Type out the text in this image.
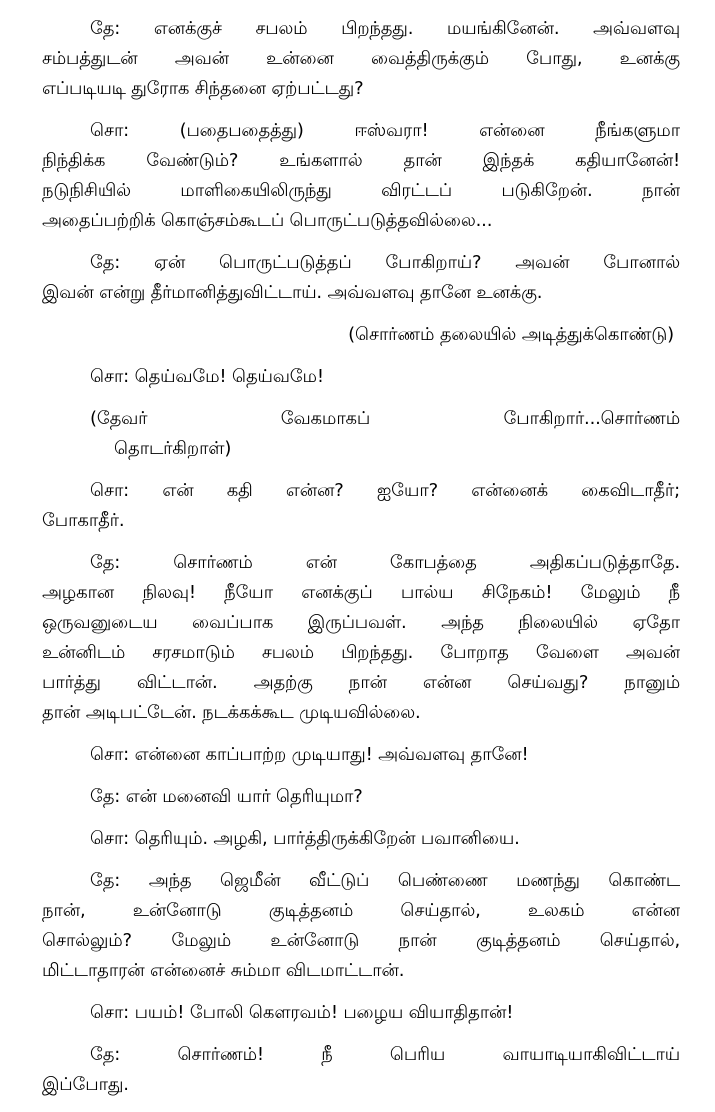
தே: எனக்குச் சபலம் பிறந்தது. மயங்கினேன். அவ்வளவு
சம்பத்துடன் அவன் உன்னை வைத்திருக்கும் போது, உனக்கு
எப்படியடி துரோக சிந்தனை ஏற்பட்டது?
சொ: (பதைபதைத்து) ஈஸ்வரா! என்னை நீங்களுமா
நிந்திக்க வேண்டும்? உங்களால் தான் இந்தக் கதியானேன்!
நடுநிசியில் மாளிகையிலிருந்து விரட்டப் படுகிறேன். நான்
அதைப்பற்றிக் கொஞ்சம்கூடப் பொருட்படுத்தவில்லை...
தே: ஏன் பொருட்படுத்தப் போகிறாய்? அவன் போனால்
இவன் என்று தீர்மானித்துவிட்டாய். அவ்வளவு தானே உனக்கு.
(சொர்ணம் தலையில் அடித்துக்கொண்டு)
சொ: தெய்வமே! தெய்வமே!
(தேவர் வேகமாகப் போகிறார்...சொர்ணம்
தொடர்கிறாள்)
சொ: என் கதி என்ன? ஐயோ? என்னைக் கைவிடாதீர்;
போகாதீர்.
தே: சொர்ணம் என் கோபத்தை அதிகப்படுத்தாதே.
அழகான நிலவு! நீயோ எனக்குப் பால்ய சிநேகம்! மேலும் நீ
ஒருவனுடைய வைப்பாக இருப்பவள். அந்த நிலையில் ஏதோ
உன்னிடம் சரசமாடும் சபலம் பிறந்தது. போறாத வேளை அவன்
பார்த்து விட்டான். அதற்கு நான் என்ன செய்வது? நானும்
தான் அடிபட்டேன். நடக்கக்கூட முடியவில்லை.
சொ: என்னை காப்பாற்ற முடியாது! அவ்வளவு தானே!
தே: என் மனைவி யார் தெரியுமா?
சொ: தெரியும். அழகி, பார்த்திருக்கிறேன் பவானியை.
தே: அந்த ஜெமீன் வீட்டுப் பெண்ணை மணந்து கொண்ட
நான், உன்னோடு குடித்தனம் செய்தால், உலகம் என்ன
சொல்லும்? மேலும் உன்னோடு நான் குடித்தனம் செய்தால்,
மிட்டாதாரன் என்னைச் சும்மா விடமாட்டான்.
சொ: பயம்! போலி கௌரவம்! பழைய வியாதிதான்!
தே: சொர்ணம்! நீ பெரிய வாயாடியாகிவிட்டாய்
இப்போது.
